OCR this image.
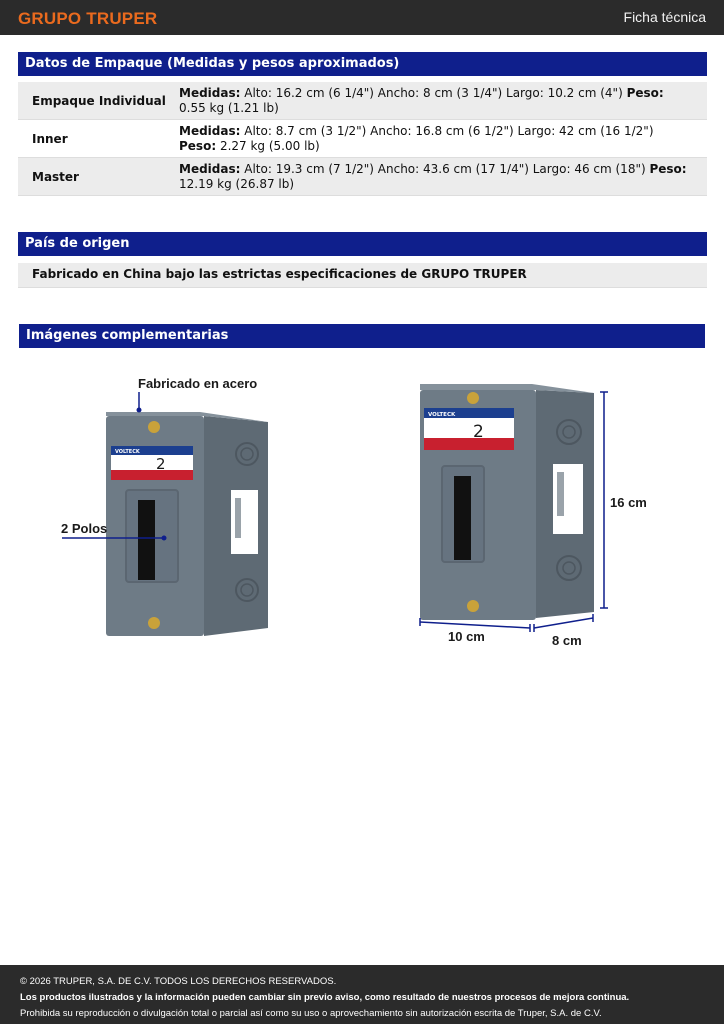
GRUPO TRUPER	Ficha técnica
Datos de Empaque (Medidas y pesos aproximados)
Empaque Individual
Medidas: Alto: 16.2 cm (6 1/4") Ancho: 8 cm (3 1/4") Largo: 10.2 cm (4") Peso: 0.55 kg (1.21 lb)
Inner
Medidas: Alto: 8.7 cm (3 1/2") Ancho: 16.8 cm (6 1/2") Largo: 42 cm (16 1/2") Peso: 2.27 kg (5.00 lb)
Master
Medidas: Alto: 19.3 cm (7 1/2") Ancho: 43.6 cm (17 1/4") Largo: 46 cm (18") Peso: 12.19 kg (26.87 lb)
País de origen
Fabricado en China bajo las estrictas especificaciones de GRUPO TRUPER
Imágenes complementarias
VOLTECK
2
Fabricado en acero
2 Polos
VOLTECK
2
16 cm
10 cm	8 cm
© 2026 TRUPER, S.A. DE C.V. TODOS LOS DERECHOS RESERVADOS.
Los productos ilustrados y la información pueden cambiar sin previo aviso, como resultado de nuestros procesos de mejora continua.
Prohibida su reproducción o divulgación total o parcial así como su uso o aprovechamiento sin autorización escrita de Truper, S.A. de C.V.
